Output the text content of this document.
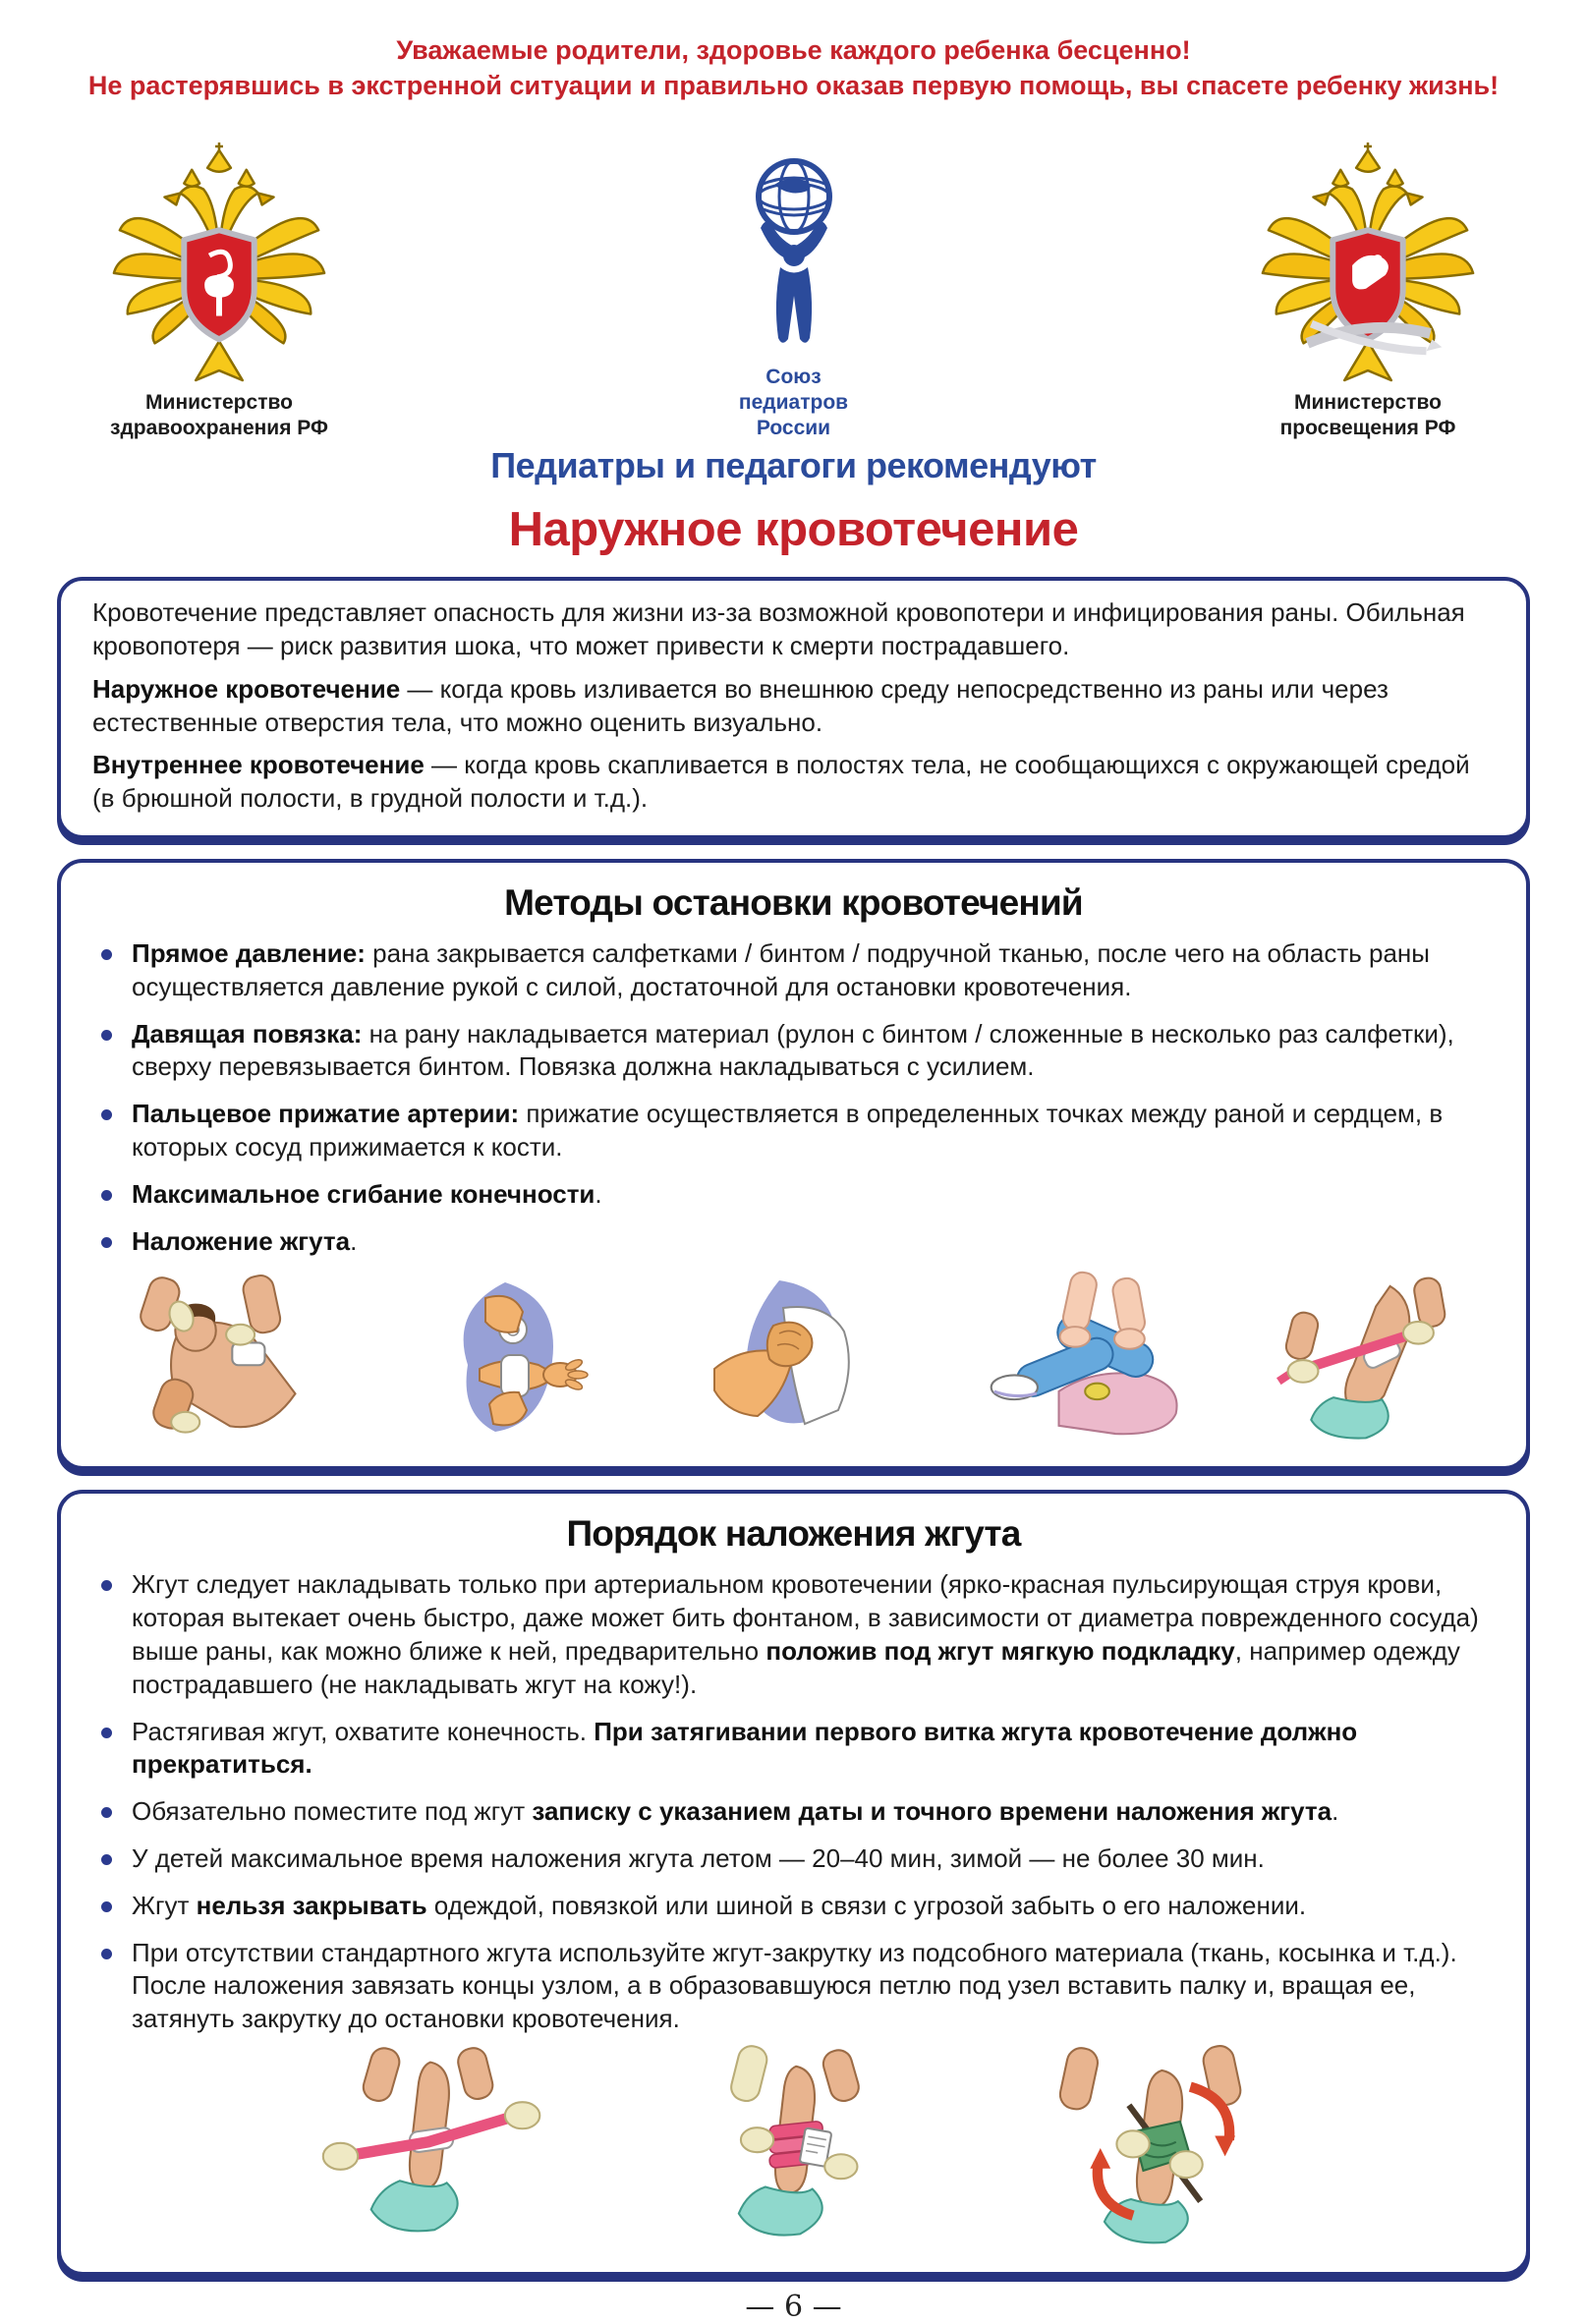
Уважаемые родители, здоровье каждого ребенка бесценно!
Не растерявшись в экстренной ситуации и правильно оказав первую помощь, вы спасете ребенку жизнь!
Министерство
здравоохранения РФ
Союз
педиатров
России
Министерство
просвещения РФ
Педиатры и педагоги рекомендуют
Наружное кровотечение
Кровотечение представляет опасность для жизни из-за возможной кровопотери и инфицирования раны. Обильная кровопотеря — риск развития шока, что может привести к смерти пострадавшего.
Наружное кровотечение — когда кровь изливается во внешнюю среду непосредственно из раны или через естественные отверстия тела, что можно оценить визуально.
Внутреннее кровотечение — когда кровь скапливается в полостях тела, не сообщающихся с окружающей средой (в брюшной полости, в грудной полости и т.д.).
Методы остановки кровотечений
Прямое давление: рана закрывается салфетками / бинтом / подручной тканью, после чего на область раны осуществляется давление рукой с силой, достаточной для остановки кровотечения.
Давящая повязка: на рану накладывается материал (рулон с бинтом / сложенные в несколько раз салфетки), сверху перевязывается бинтом. Повязка должна накладываться с усилием.
Пальцевое прижатие артерии: прижатие осуществляется в определенных точках между раной и сердцем, в которых сосуд прижимается к кости.
Максимальное сгибание конечности.
Наложение жгута.
Порядок наложения жгута
Жгут следует накладывать только при артериальном кровотечении (ярко-красная пульсирующая струя крови, которая вытекает очень быстро, даже может бить фонтаном, в зависимости от диаметра поврежденного сосуда) выше раны, как можно ближе к ней, предварительно положив под жгут мягкую подкладку, например одежду пострадавшего (не накладывать жгут на кожу!).
Растягивая жгут, охватите конечность. При затягивании первого витка жгута кровотечение должно прекратиться.
Обязательно поместите под жгут записку с указанием даты и точного времени наложения жгута.
У детей максимальное время наложения жгута летом — 20–40 мин, зимой — не более 30 мин.
Жгут нельзя закрывать одеждой, повязкой или шиной в связи с угрозой забыть о его наложении.
При отсутствии стандартного жгута используйте жгут-закрутку из подсобного материала (ткань, косынка и т.д.). После наложения завязать концы узлом, а в образовавшуюся петлю под узел вставить палку и, вращая ее, затянуть закрутку до остановки кровотечения.
— 6 —
